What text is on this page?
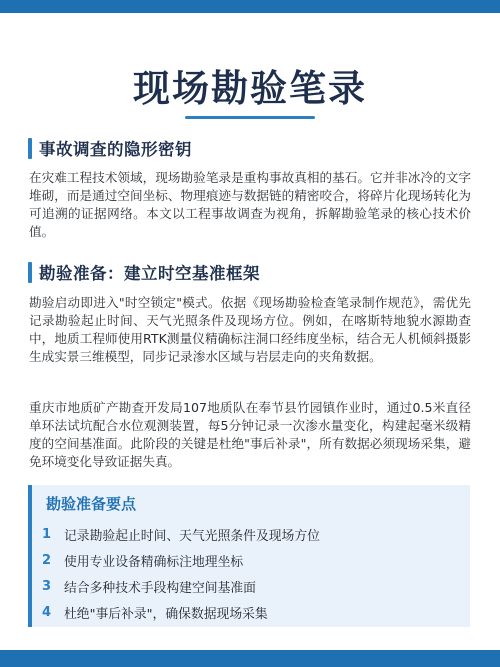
现场勘验笔录
事故调查的隐形密钥
在灾难工程技术领域，现场勘验笔录是重构事故真相的基石。它并非冰冷的文字堆砌，而是通过空间坐标、物理痕迹与数据链的精密咬合，将碎片化现场转化为可追溯的证据网络。本文以工程事故调查为视角，拆解勘验笔录的核心技术价值。
勘验准备：建立时空基准框架
勘验启动即进入"时空锁定"模式。依据《现场勘验检查笔录制作规范》，需优先记录勘验起止时间、天气光照条件及现场方位。例如，在喀斯特地貌水源勘查中，地质工程师使用RTK测量仪精确标注洞口经纬度坐标，结合无人机倾斜摄影生成实景三维模型，同步记录渗水区域与岩层走向的夹角数据。
重庆市地质矿产勘查开发局107地质队在奉节县竹园镇作业时，通过0.5米直径单环法试坑配合水位观测装置，每5分钟记录一次渗水量变化，构建起毫米级精度的空间基准面。此阶段的关键是杜绝"事后补录"，所有数据必须现场采集，避免环境变化导致证据失真。
勘验准备要点
1	记录勘验起止时间、天气光照条件及现场方位
2	使用专业设备精确标注地理坐标
3	结合多种技术手段构建空间基准面
4	杜绝"事后补录"，确保数据现场采集
